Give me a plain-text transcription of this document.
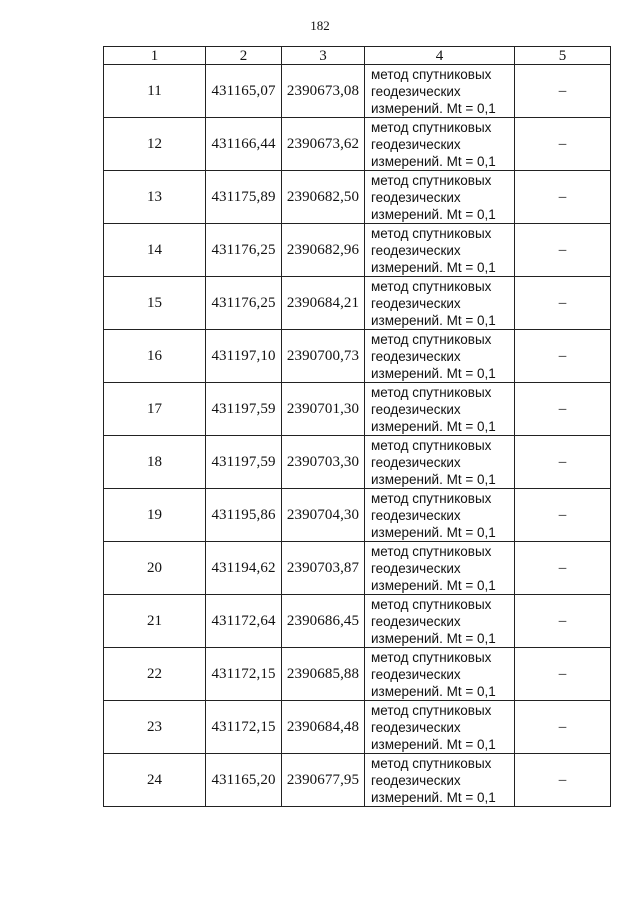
182
1	2	3	4	5
11	431165,07	2390673,08	метод спутниковых геодезических измерений. Mt = 0,1	–
12	431166,44	2390673,62	метод спутниковых геодезических измерений. Mt = 0,1	–
13	431175,89	2390682,50	метод спутниковых геодезических измерений. Mt = 0,1	–
14	431176,25	2390682,96	метод спутниковых геодезических измерений. Mt = 0,1	–
15	431176,25	2390684,21	метод спутниковых геодезических измерений. Mt = 0,1	–
16	431197,10	2390700,73	метод спутниковых геодезических измерений. Mt = 0,1	–
17	431197,59	2390701,30	метод спутниковых геодезических измерений. Mt = 0,1	–
18	431197,59	2390703,30	метод спутниковых геодезических измерений. Mt = 0,1	–
19	431195,86	2390704,30	метод спутниковых геодезических измерений. Mt = 0,1	–
20	431194,62	2390703,87	метод спутниковых геодезических измерений. Mt = 0,1	–
21	431172,64	2390686,45	метод спутниковых геодезических измерений. Mt = 0,1	–
22	431172,15	2390685,88	метод спутниковых геодезических измерений. Mt = 0,1	–
23	431172,15	2390684,48	метод спутниковых геодезических измерений. Mt = 0,1	–
24	431165,20	2390677,95	метод спутниковых геодезических измерений. Mt = 0,1	–
